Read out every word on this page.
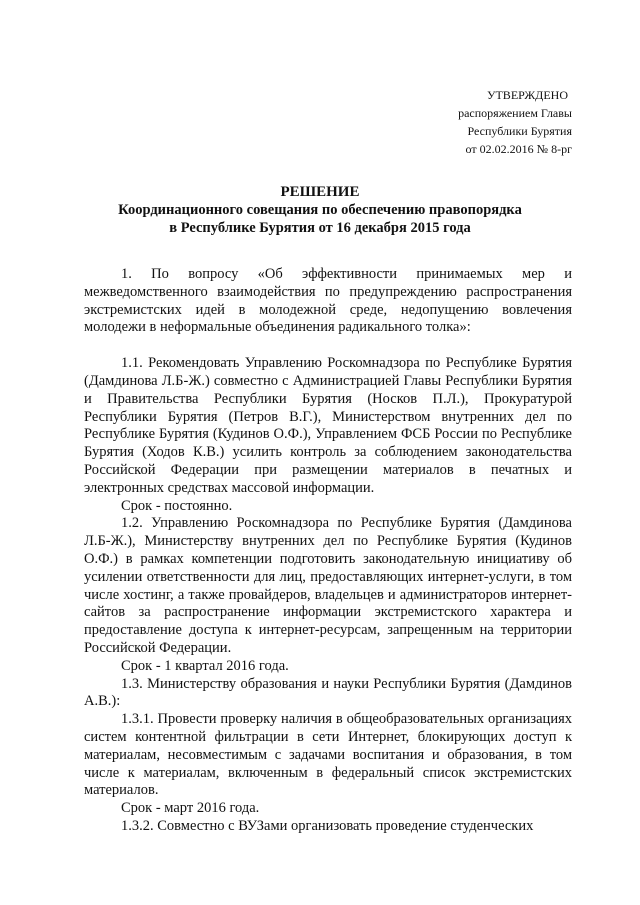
УТВЕРЖДЕНО
распоряжением Главы
Республики Бурятия
от 02.02.2016 № 8-рг
РЕШЕНИЕ
Координационного совещания по обеспечению правопорядка
в Республике Бурятия от 16 декабря 2015 года

1. По вопросу «Об эффективности принимаемых мер и межведомственного взаимодействия по предупреждению распространения экстремистских идей в молодежной среде, недопущению вовлечения молодежи в неформальные объединения радикального толка»:

1.1. Рекомендовать Управлению Роскомнадзора по Республике Бурятия (Дамдинова Л.Б-Ж.) совместно с Администрацией Главы Республики Бурятия и Правительства Республики Бурятия (Носков П.Л.), Прокуратурой Республики Бурятия (Петров В.Г.), Министерством внутренних дел по Республике Бурятия (Кудинов О.Ф.), Управлением ФСБ России по Республике Бурятия (Ходов К.В.) усилить контроль за соблюдением законодательства Российской Федерации при размещении материалов в печатных и электронных средствах массовой информации.

Срок - постоянно.

1.2. Управлению Роскомнадзора по Республике Бурятия (Дамдинова Л.Б-Ж.), Министерству внутренних дел по Республике Бурятия (Кудинов О.Ф.) в рамках компетенции подготовить законодательную инициативу об усилении ответственности для лиц, предоставляющих интернет-услуги, в том числе хостинг, а также провайдеров, владельцев и администраторов интернет-сайтов за распространение информации экстремистского характера и предоставление доступа к интернет-ресурсам, запрещенным на территории Российской Федерации.

Срок - 1 квартал 2016 года.

1.3. Министерству образования и науки Республики Бурятия (Дамдинов А.В.):

1.3.1. Провести проверку наличия в общеобразовательных организациях систем контентной фильтрации в сети Интернет, блокирующих доступ к материалам, несовместимым с задачами воспитания и образования, в том числе к материалам, включенным в федеральный список экстремистских материалов.

Срок - март 2016 года.

1.3.2. Совместно с ВУЗами организовать проведение студенческих
